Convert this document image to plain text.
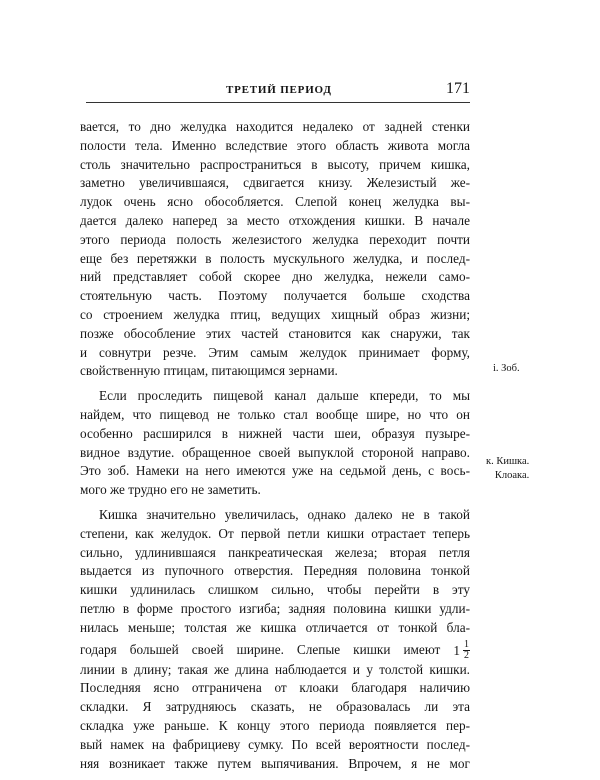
ТРЕТИЙ ПЕРИОД	171
вается, то дно желудка находится недалеко от задней стенки
полости тела. Именно вследствие этого область живота могла
столь значительно распространиться в высоту, причем кишка,
заметно увеличившаяся, сдвигается книзу. Железистый же-
лудок очень ясно обособляется. Слепой конец желудка вы-
дается далеко наперед за место отхождения кишки. В начале
этого периода полость железистого желудка переходит почти
еще без перетяжки в полость мускульного желудка, и послед-
ний представляет собой скорее дно желудка, нежели само-
стоятельную часть. Поэтому получается больше сходства
со строением желудка птиц, ведущих хищный образ жизни;
позже обособление этих частей становится как снаружи, так
и совнутри резче. Этим самым желудок принимает форму,
свойственную птицам, питающимся зернами.
Если проследить пищевой канал дальше кпереди, то мы
найдем, что пищевод не только стал вообще шире, но что он
особенно расширился в нижней части шеи, образуя пузыре-
видное вздутие. обращенное своей выпуклой стороной направо.
Это зоб. Намеки на него имеются уже на седьмой день, с вось-
мого же трудно его не заметить.
Кишка значительно увеличилась, однако далеко не в такой
степени, как желудок. От первой петли кишки отрастает теперь
сильно, удлинившаяся панкреатическая железа; вторая петля
выдается из пупочного отверстия. Передняя половина тонкой
кишки удлинилась слишком сильно, чтобы перейти в эту
петлю в форме простого изгиба; задняя половина кишки удли-
нилась меньше; толстая же кишка отличается от тонкой бла-
годаря большей своей ширине. Слепые кишки имеют $1 \frac{1}{2}$
линии в длину; такая же длина наблюдается и у толстой кишки.
Последняя ясно отграничена от клоаки благодаря наличию
складки. Я затрудняюсь сказать, не образовалась ли эта
складка уже раньше. К концу этого периода появляется пер-
вый намек на фабрициеву сумку. По всей вероятности послед-
няя возникает также путем выпячивания. Впрочем, я не мог
i. Зоб.
к. Кишка.
Клоака.
